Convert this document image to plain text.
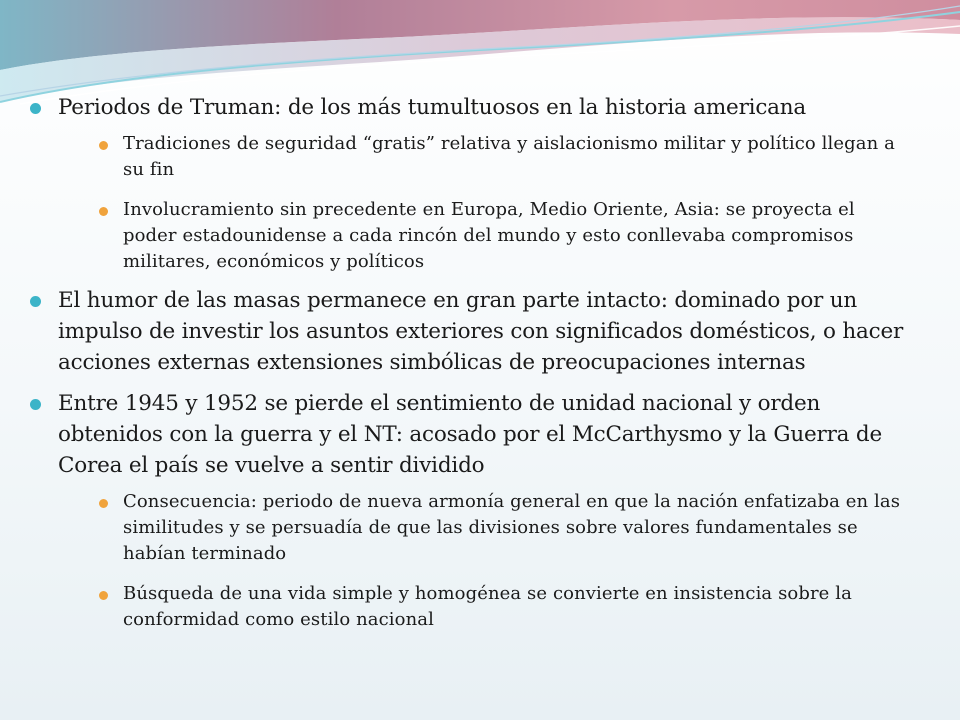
Periodos de Truman: de los más tumultuosos en la historia americana
Tradiciones de seguridad “gratis” relativa y aislacionismo militar y político llegan a su fin
Involucramiento sin precedente en Europa, Medio Oriente, Asia: se proyecta el poder estadounidense a cada rincón del mundo y esto conllevaba compromisos militares, económicos y políticos
El humor de las masas permanece en gran parte intacto: dominado por un impulso de investir los asuntos exteriores con significados domésticos, o hacer acciones externas extensiones simbólicas de preocupaciones internas
Entre 1945 y 1952 se pierde el sentimiento de unidad nacional y orden obtenidos con la guerra y el NT: acosado por el McCarthysmo y la Guerra de Corea el país se vuelve a sentir dividido
Consecuencia: periodo de nueva armonía general en que la nación enfatizaba en las similitudes y se persuadía de que las divisiones sobre valores fundamentales se habían terminado
Búsqueda de una vida simple y homogénea se convierte en insistencia sobre la conformidad como estilo nacional
